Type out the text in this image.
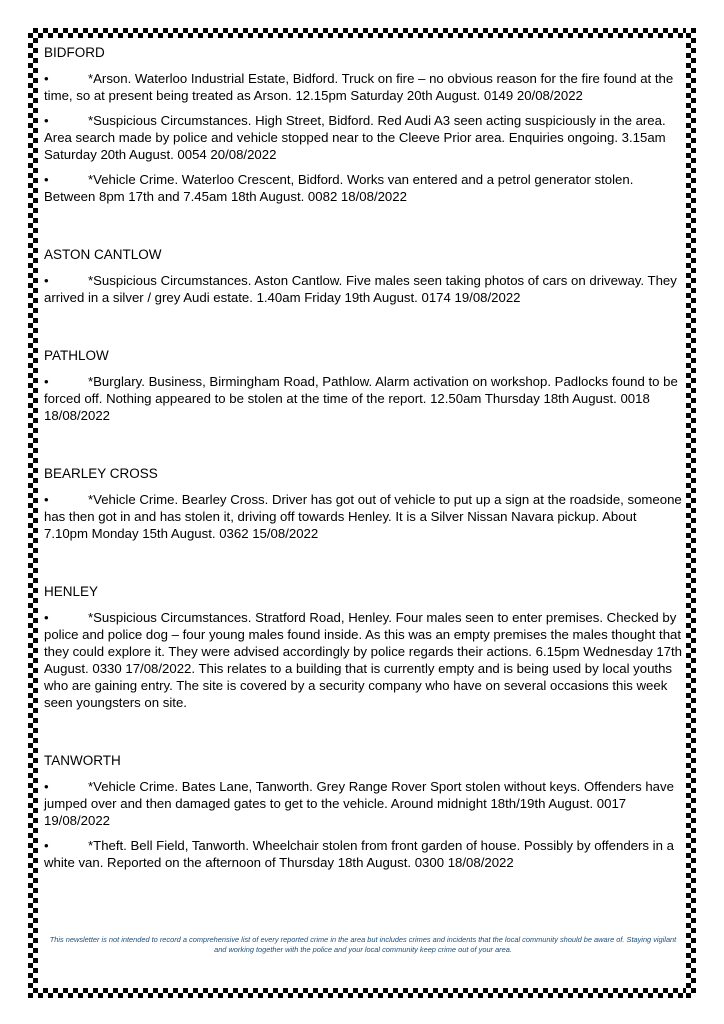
BIDFORD
•	*Arson. Waterloo Industrial Estate, Bidford. Truck on fire – no obvious reason for the fire found at the time, so at present being treated as Arson. 12.15pm Saturday 20th August. 0149 20/08/2022
•	*Suspicious Circumstances. High Street, Bidford. Red Audi A3 seen acting suspiciously in the area. Area search made by police and vehicle stopped near to the Cleeve Prior area. Enquiries ongoing. 3.15am Saturday 20th August. 0054 20/08/2022
•	*Vehicle Crime. Waterloo Crescent, Bidford. Works van entered and a petrol generator stolen. Between 8pm 17th and 7.45am 18th August. 0082 18/08/2022
ASTON CANTLOW
•	*Suspicious Circumstances. Aston Cantlow. Five males seen taking photos of cars on driveway. They arrived in a silver / grey Audi estate. 1.40am Friday 19th August. 0174 19/08/2022
PATHLOW
•	*Burglary. Business, Birmingham Road, Pathlow. Alarm activation on workshop. Padlocks found to be forced off. Nothing appeared to be stolen at the time of the report. 12.50am Thursday 18th August. 0018 18/08/2022
BEARLEY CROSS
•	*Vehicle Crime. Bearley Cross. Driver has got out of vehicle to put up a sign at the roadside, someone has then got in and has stolen it, driving off towards Henley. It is a Silver Nissan Navara pickup. About 7.10pm Monday 15th August. 0362 15/08/2022
HENLEY
•	*Suspicious Circumstances. Stratford Road, Henley. Four males seen to enter premises. Checked by police and police dog – four young males found inside. As this was an empty premises the males thought that they could explore it. They were advised accordingly by police regards their actions. 6.15pm Wednesday 17th August. 0330 17/08/2022. This relates to a building that is currently empty and is being used by local youths who are gaining entry. The site is covered by a security company who have on several occasions this week seen youngsters on site.
TANWORTH
•	*Vehicle Crime. Bates Lane, Tanworth. Grey Range Rover Sport stolen without keys. Offenders have jumped over and then damaged gates to get to the vehicle. Around midnight 18th/19th August. 0017 19/08/2022
•	*Theft. Bell Field, Tanworth. Wheelchair stolen from front garden of house. Possibly by offenders in a white van. Reported on the afternoon of Thursday 18th August. 0300 18/08/2022
This newsletter is not intended to record a comprehensive list of every reported crime in the area but includes crimes and incidents that the local community should be aware of. Staying vigilant and working together with the police and your local community keep crime out of your area.
